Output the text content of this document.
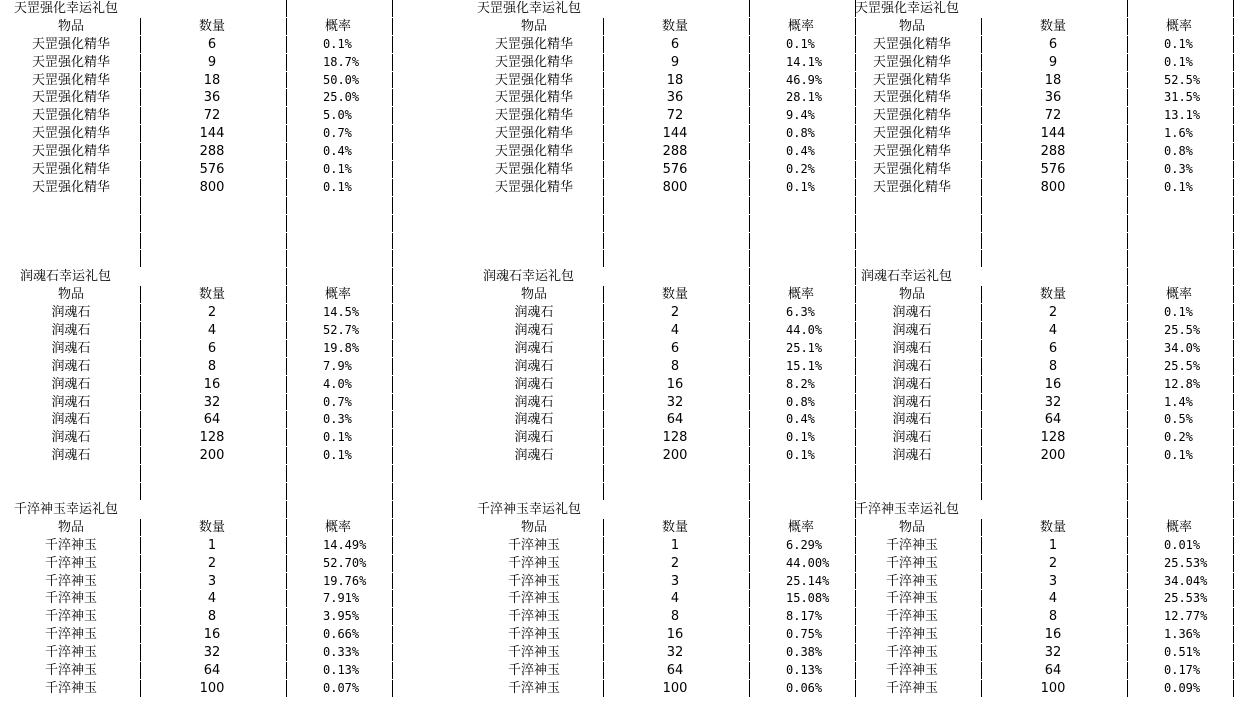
天罡强化幸运礼包
物品	数量	概率
天罡强化精华	6	0.1%
天罡强化精华	9	18.7%
天罡强化精华	18	50.0%
天罡强化精华	36	25.0%
天罡强化精华	72	5.0%
天罡强化精华	144	0.7%
天罡强化精华	288	0.4%
天罡强化精华	576	0.1%
天罡强化精华	800	0.1%
润魂石幸运礼包
物品	数量	概率
润魂石	2	14.5%
润魂石	4	52.7%
润魂石	6	19.8%
润魂石	8	7.9%
润魂石	16	4.0%
润魂石	32	0.7%
润魂石	64	0.3%
润魂石	128	0.1%
润魂石	200	0.1%
千淬神玉幸运礼包
物品	数量	概率
千淬神玉	1	14.49%
千淬神玉	2	52.70%
千淬神玉	3	19.76%
千淬神玉	4	7.91%
千淬神玉	8	3.95%
千淬神玉	16	0.66%
千淬神玉	32	0.33%
千淬神玉	64	0.13%
千淬神玉	100	0.07%
天罡强化幸运礼包
物品	数量	概率
天罡强化精华	6	0.1%
天罡强化精华	9	14.1%
天罡强化精华	18	46.9%
天罡强化精华	36	28.1%
天罡强化精华	72	9.4%
天罡强化精华	144	0.8%
天罡强化精华	288	0.4%
天罡强化精华	576	0.2%
天罡强化精华	800	0.1%
润魂石幸运礼包
物品	数量	概率
润魂石	2	6.3%
润魂石	4	44.0%
润魂石	6	25.1%
润魂石	8	15.1%
润魂石	16	8.2%
润魂石	32	0.8%
润魂石	64	0.4%
润魂石	128	0.1%
润魂石	200	0.1%
千淬神玉幸运礼包
物品	数量	概率
千淬神玉	1	6.29%
千淬神玉	2	44.00%
千淬神玉	3	25.14%
千淬神玉	4	15.08%
千淬神玉	8	8.17%
千淬神玉	16	0.75%
千淬神玉	32	0.38%
千淬神玉	64	0.13%
千淬神玉	100	0.06%
天罡强化幸运礼包
物品	数量	概率
天罡强化精华	6	0.1%
天罡强化精华	9	0.1%
天罡强化精华	18	52.5%
天罡强化精华	36	31.5%
天罡强化精华	72	13.1%
天罡强化精华	144	1.6%
天罡强化精华	288	0.8%
天罡强化精华	576	0.3%
天罡强化精华	800	0.1%
润魂石幸运礼包
物品	数量	概率
润魂石	2	0.1%
润魂石	4	25.5%
润魂石	6	34.0%
润魂石	8	25.5%
润魂石	16	12.8%
润魂石	32	1.4%
润魂石	64	0.5%
润魂石	128	0.2%
润魂石	200	0.1%
千淬神玉幸运礼包
物品	数量	概率
千淬神玉	1	0.01%
千淬神玉	2	25.53%
千淬神玉	3	34.04%
千淬神玉	4	25.53%
千淬神玉	8	12.77%
千淬神玉	16	1.36%
千淬神玉	32	0.51%
千淬神玉	64	0.17%
千淬神玉	100	0.09%
